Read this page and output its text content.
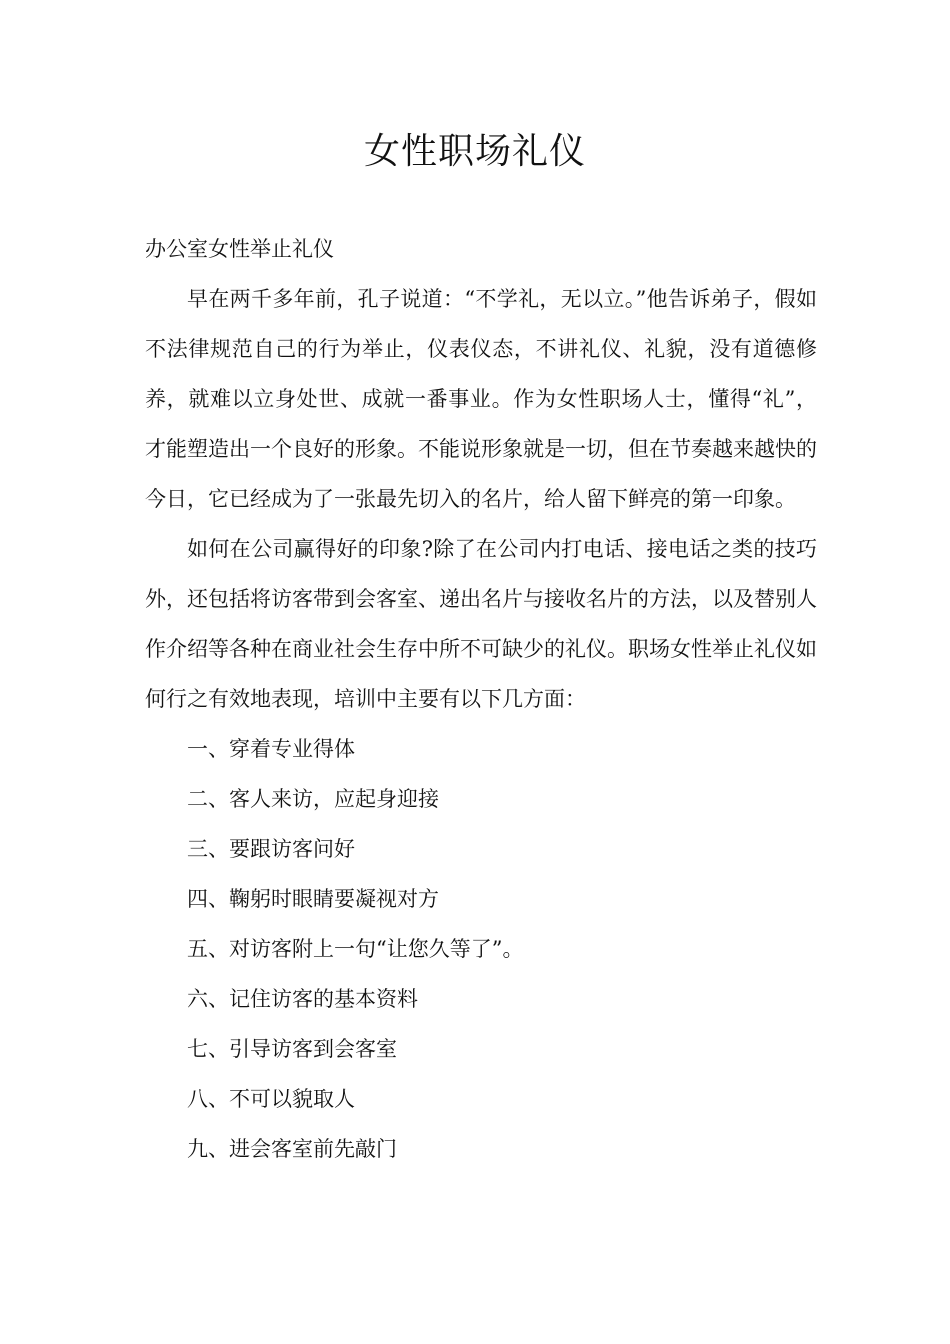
女性职场礼仪

办公室女性举止礼仪

早在两千多年前，孔子说道：“不学礼，无以立。”他告诉弟子，假如不法律规范自己的行为举止，仪表仪态，不讲礼仪、礼貌，没有道德修养，就难以立身处世、成就一番事业。作为女性职场人士，懂得“礼”，才能塑造出一个良好的形象。不能说形象就是一切，但在节奏越来越快的今日，它已经成为了一张最先切入的名片，给人留下鲜亮的第一印象。

如何在公司赢得好的印象?除了在公司内打电话、接电话之类的技巧外，还包括将访客带到会客室、递出名片与接收名片的方法，以及替别人作介绍等各种在商业社会生存中所不可缺少的礼仪。职场女性举止礼仪如何行之有效地表现，培训中主要有以下几方面：

一、穿着专业得体
二、客人来访，应起身迎接
三、要跟访客问好
四、鞠躬时眼睛要凝视对方
五、对访客附上一句“让您久等了”。
六、记住访客的基本资料
七、引导访客到会客室
八、不可以貌取人
九、进会客室前先敲门
